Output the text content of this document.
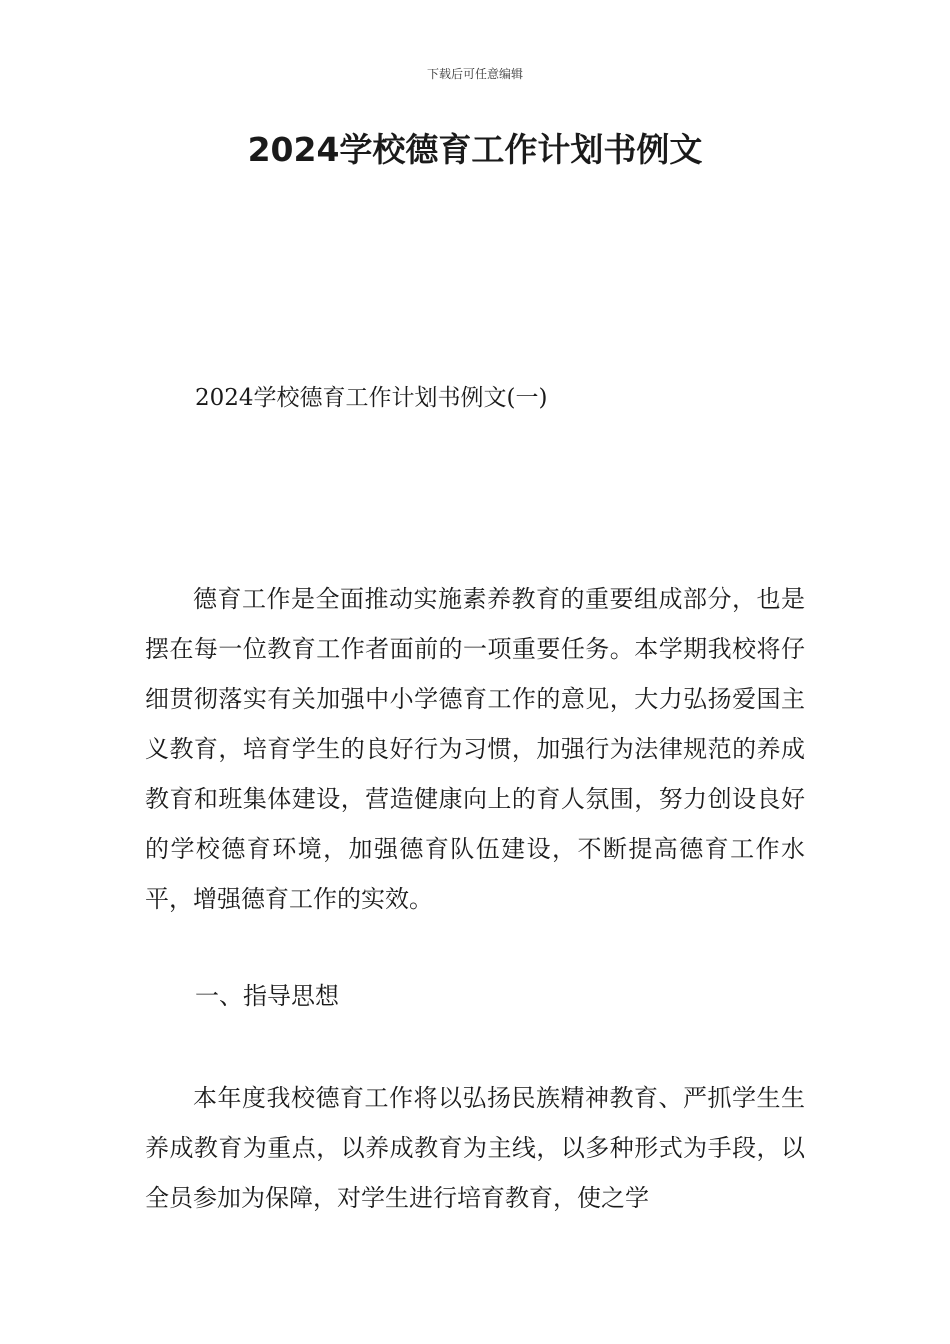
下载后可任意编辑
2024学校德育工作计划书例文

2024学校德育工作计划书例文(一)

德育工作是全面推动实施素养教育的重要组成部分，也是摆在每一位教育工作者面前的一项重要任务。本学期我校将仔细贯彻落实有关加强中小学德育工作的意见，大力弘扬爱国主义教育，培育学生的良好行为习惯，加强行为法律规范的养成教育和班集体建设，营造健康向上的育人氛围，努力创设良好的学校德育环境，加强德育队伍建设，不断提高德育工作水平，增强德育工作的实效。

一、指导思想

本年度我校德育工作将以弘扬民族精神教育、严抓学生生养成教育为重点，以养成教育为主线，以多种形式为手段，以全员参加为保障，对学生进行培育教育，使之学
